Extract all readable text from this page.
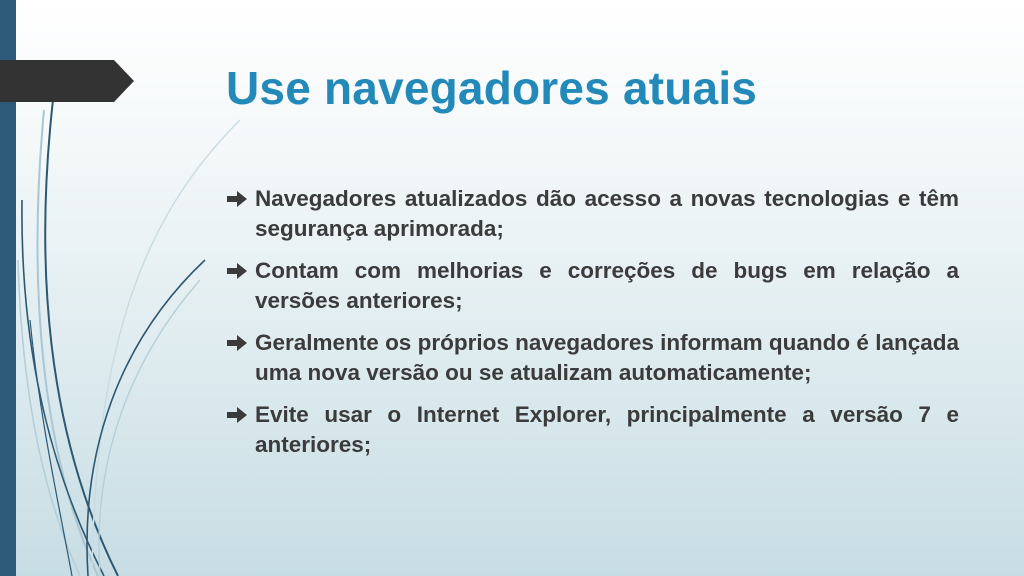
Use navegadores atuais
Navegadores atualizados dão acesso a novas tecnologias e têm segurança aprimorada;
Contam com melhorias e correções de bugs em relação a versões anteriores;
Geralmente os próprios navegadores informam quando é lançada uma nova versão ou se atualizam automaticamente;
Evite usar o Internet Explorer, principalmente a versão 7 e anteriores;
